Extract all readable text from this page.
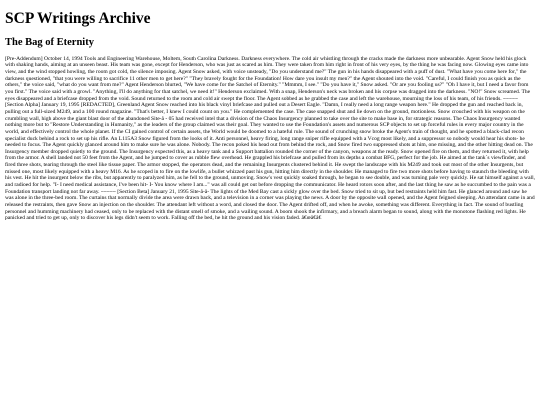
SCP Writings Archive
The Bag of Eternity

[Pre-Addendum] October 14, 1994 Tools and Engineering Warehouse, Moltem, South Carolina Darkness. Darkness everywhere. The cold air whistling through the cracks made the darkness more unbearable. Agent Snow held his glock with shaking hands, aiming at an unseen beast. His team was gone, except for Henderson, who was just as scared as him. They were taken from him right in front of his very eyes, by the thing he was facing now. Glowing eyes came into view, and the wind stopped howling, the room got cold, the silence imposing. Agent Snow asked, with voice unsteady, "Do you understand me?" The gun in his hands disappeared with a puff of dust. "What have you come here for," the darkness questioned, "that you were willing to sacrifice 11 other men to get here?" "They bravely fought for the Foundation! How dare you insult my men?" the Agent shouted into the void. "Careful, I could finish you as quick as the others," the voice said, "what do you want from me?" Agent Henderson blurted, "We have come for the Satchel of Eternity." "Mmmm, I see." "Do you have it," Snow asked. "Or are you fooling us?" "Oh I have it, but I need a favor from you first." The voice said with a growl. "Anything, I'll do anything for that satchel, we need it!" Henderson exclaimed. With a snap, Henderson's neck was broken and his corpse was dragged into the darkness. "NO!" Snow screamed. The eyes disappeared and a briefcase dropped from the void. Sound returned to the room and cold air swept the floor. The Agent sobbed as he grabbed the case and left the warehouse, mourning the loss of his team, of his friends. ~~~~~ [Section Alpha] January 19, 1995 [REDACTED], Greenland Agent Snow reached into his black vinyl briefcase and pulled out a Desert Eagle. "Damn, I really need a long range weapon here." He dropped the gun and reached back in, pulling out a full-sized M249, and a 100 round magazine. "That's better, I knew I could count on you." He complemented the case. The case snapped shut and lie down on the ground, motionless. Snow crouched with his weapon on the crumbling wall, high above the giant blast door of the abandoned Site-â - 05 had received intel that a division of the Chaos Insurgency planned to take over the site to make base in, for strategic reasons. The Chaos Insurgency wanted nothing more but to "Restore Understanding in Humanity," as the leaders of the group claimed was their goal. They wanted to use the Foundation's assets and numerous SCP objects to set up forceful rules in every major country in the world, and effectively control the whole planet. If the CI gained control of certain assets, the World would be doomed to a hateful rule. The sound of crunching snow broke the Agent's train of thought, and he spotted a black-clad recon specialist duck behind a rock to set up his rifle. An L115A3 Snow figured from the looks of it. Anti personnel, heavy firing, long range sniper rifle equipped with a Vcog most likely, and a suppressor so nobody would hear his shots- he needed to focus. The Agent quickly glanced around him to make sure he was alone. Nobody. The recon poked his head out from behind the rock, and Snow fired two suppressed shots at him, one missing, and the other hitting dead on. The Insurgency member dropped quietly to the ground. The Insurgency expected this, as a heavy tank and a Support battalion rounded the corner of the canyon, weapons at the ready. Snow opened fire on them, and they returned it, with help from the armor. A shell landed not 50 feet from the Agent, and he jumped to cover as rubble flew overhead. He grappled his briefcase and pulled from its depths a combat BFG, perfect for the job. He aimed at the tank`s viewfinder, and fired three shots, tearing through the steel like tissue paper. The armor stopped, the operators dead, and the remaining Insurgents clustered behind it. He swept the landscape with his M249 and took out most of the other Insurgents, but missed one, most likely equipped with a heavy M16. As he scoped in to fire on the lowlife, a bullet whizzed past his gun, hitting him directly in the shoulder. He managed to fire two more shots before having to staunch the bleeding with his vest. He hit the insurgent below the ribs, but apparently to paralyzed him, as he fell to the ground, unmoving. Snow's vest quickly soaked through, he began to see double, and was turning pale very quickly. He sat himself against a wall, and radioed for help. "I- I need medical assistance, I've been hit- I- You know where I am..." was all could get out before dropping the communicator. He heard rotors soon after, and the last thing he saw as he succumbed to the pain was a Foundation transport landing not far away. ~~~~~ [Section Beta] January 21, 1995 Site-â-â- The lights of the Med Bay cast a sickly glow over the bed. Snow tried to sit up, but bed restraints held him fast. He glanced around and saw he was alone in the three-bed room. The curtains that normally divide the area were drawn back, and a television in a corner was playing the news. A door by the opposite wall opened, and the Agent feigned sleeping. An attendant came in and released the restraints, then gave Snow an injection on the shoulder. The attendant left without a word, and closed the door. The Agent drifted off, and when he awoke, something was different. Everything in fact. The sound of bustling personnel and humming machinery had ceased, only to be replaced with the distant smell of smoke, and a wailing sound. A boom shook the infirmary, and a breach alarm began to sound, along with the monotone flashing red lights. He panicked and tried to get up, only to discover his legs didn't seem to work. Falling off the bed, he hit the ground and his vision faded. â€œâ€â€
